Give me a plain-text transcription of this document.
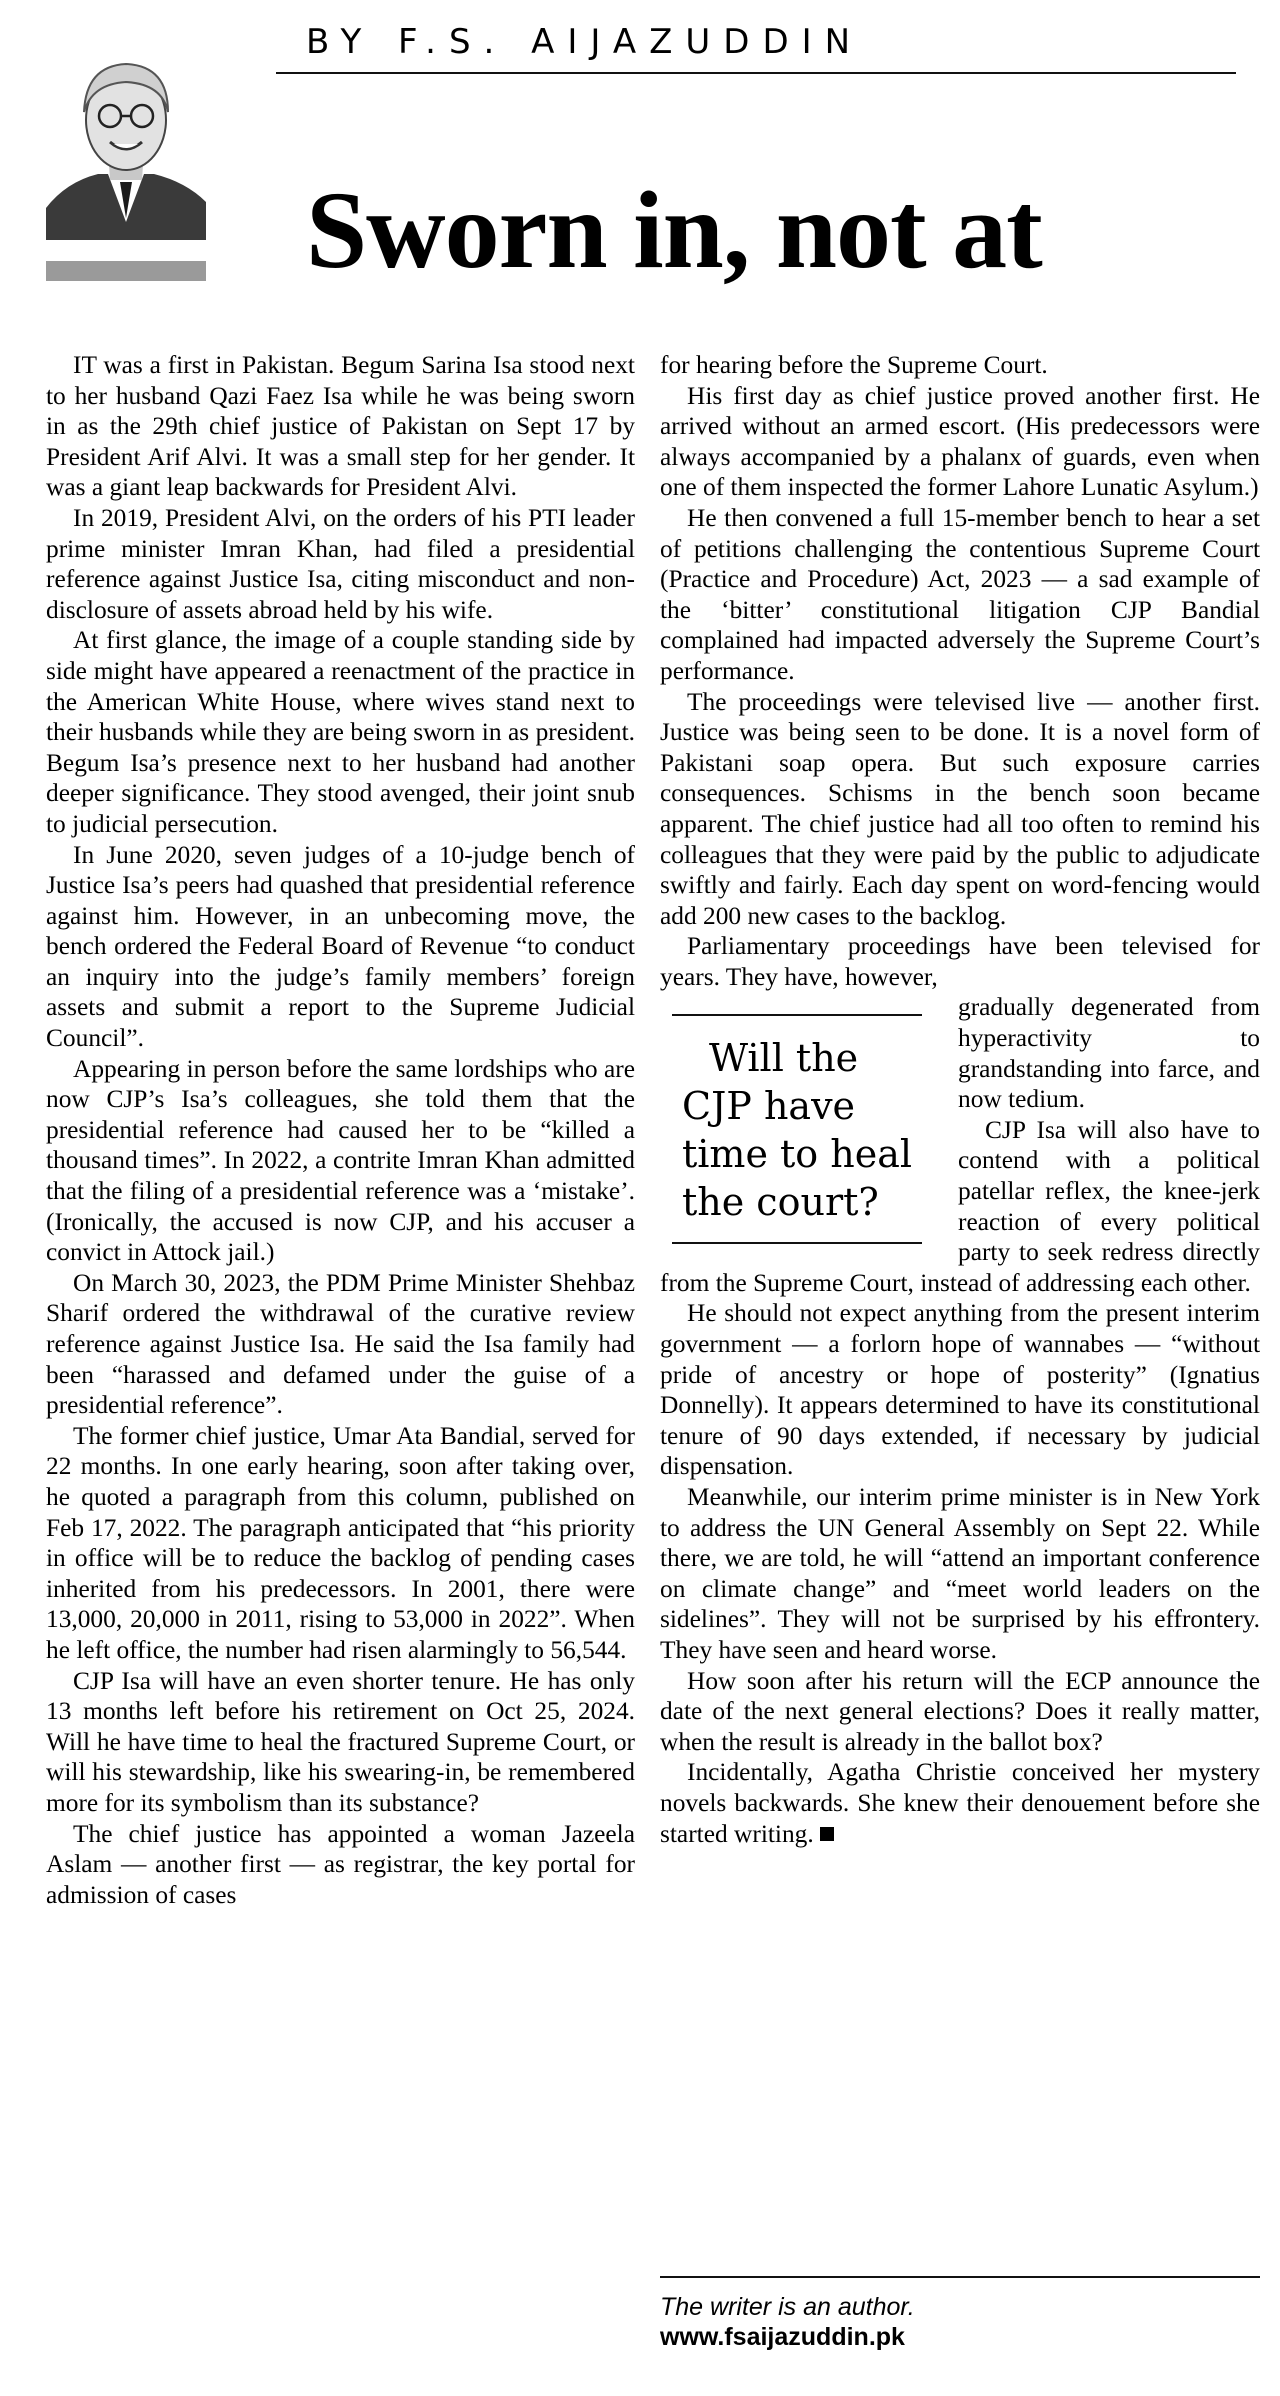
BY F.S. AIJAZUDDIN
Sworn in, not at

IT was a first in Pakistan. Begum Sarina Isa stood next to her husband Qazi Faez Isa while he was being sworn in as the 29th chief justice of Pakistan on Sept 17 by President Arif Alvi. It was a small step for her gender. It was a giant leap backwards for President Alvi.

In 2019, President Alvi, on the orders of his PTI leader prime minister Imran Khan, had filed a presidential reference against Justice Isa, citing misconduct and non-disclosure of assets abroad held by his wife.

At first glance, the image of a couple standing side by side might have appeared a reenactment of the practice in the American White House, where wives stand next to their husbands while they are being sworn in as president. Begum Isa’s presence next to her husband had another deeper significance. They stood avenged, their joint snub to judicial persecution.

In June 2020, seven judges of a 10-judge bench of Justice Isa’s peers had quashed that presidential reference against him. However, in an unbecoming move, the bench ordered the Federal Board of Revenue “to conduct an inquiry into the judge’s family members’ foreign assets and submit a report to the Supreme Judicial Council”.

Appearing in person before the same lordships who are now CJP’s Isa’s colleagues, she told them that the presidential reference had caused her to be “killed a thousand times”. In 2022, a contrite Imran Khan admitted that the filing of a presidential reference was a ‘mistake’. (Ironically, the accused is now CJP, and his accuser a convict in Attock jail.)

On March 30, 2023, the PDM Prime Minister Shehbaz Sharif ordered the withdrawal of the curative review reference against Justice Isa. He said the Isa family had been “harassed and defamed under the guise of a presidential reference”.

The former chief justice, Umar Ata Bandial, served for 22 months. In one early hearing, soon after taking over, he quoted a paragraph from this column, published on Feb 17, 2022. The paragraph anticipated that “his priority in office will be to reduce the backlog of pending cases inherited from his predecessors. In 2001, there were 13,000, 20,000 in 2011, rising to 53,000 in 2022”. When he left office, the number had risen alarmingly to 56,544.

CJP Isa will have an even shorter tenure. He has only 13 months left before his retirement on Oct 25, 2024. Will he have time to heal the fractured Supreme Court, or will his stewardship, like his swearing-in, be remembered more for its symbolism than its substance?

The chief justice has appointed a woman Jazeela Aslam — another first — as registrar, the key portal for admission of cases

for hearing before the Supreme Court.

His first day as chief justice proved another first. He arrived without an armed escort. (His predecessors were always accompanied by a phalanx of guards, even when one of them inspected the former Lahore Lunatic Asylum.)

He then convened a full 15-member bench to hear a set of petitions challenging the contentious Supreme Court (Practice and Procedure) Act, 2023 — a sad example of the ‘bitter’ constitutional litigation CJP Bandial complained had impacted adversely the Supreme Court’s performance.

The proceedings were televised live — another first. Justice was being seen to be done. It is a novel form of Pakistani soap opera. But such exposure carries consequences. Schisms in the bench soon became apparent. The chief justice had all too often to remind his colleagues that they were paid by the public to adjudicate swiftly and fairly. Each day spent on word-fencing would add 200 new cases to the backlog.

Parliamentary proceedings have been televised for years. They have, however,

Will the CJP have time to heal the court?

gradually degenerated from hyperactivity to grandstanding into farce, and now tedium.

CJP Isa will also have to contend with a political patellar reflex, the knee-jerk reaction of every political party to seek redress directly from the Supreme Court, instead of addressing each other.

He should not expect anything from the present interim government — a forlorn hope of wannabes — “without pride of ancestry or hope of posterity” (Ignatius Donnelly). It appears determined to have its constitutional tenure of 90 days extended, if necessary by judicial dispensation.

Meanwhile, our interim prime minister is in New York to address the UN General Assembly on Sept 22. While there, we are told, he will “attend an important conference on climate change” and “meet world leaders on the sidelines”. They will not be surprised by his effrontery. They have seen and heard worse.

How soon after his return will the ECP announce the date of the next general elections? Does it really matter, when the result is already in the ballot box?

Incidentally, Agatha Christie conceived her mystery novels backwards. She knew their denouement before she started writing.

The writer is an author.
www.fsaijazuddin.pk
